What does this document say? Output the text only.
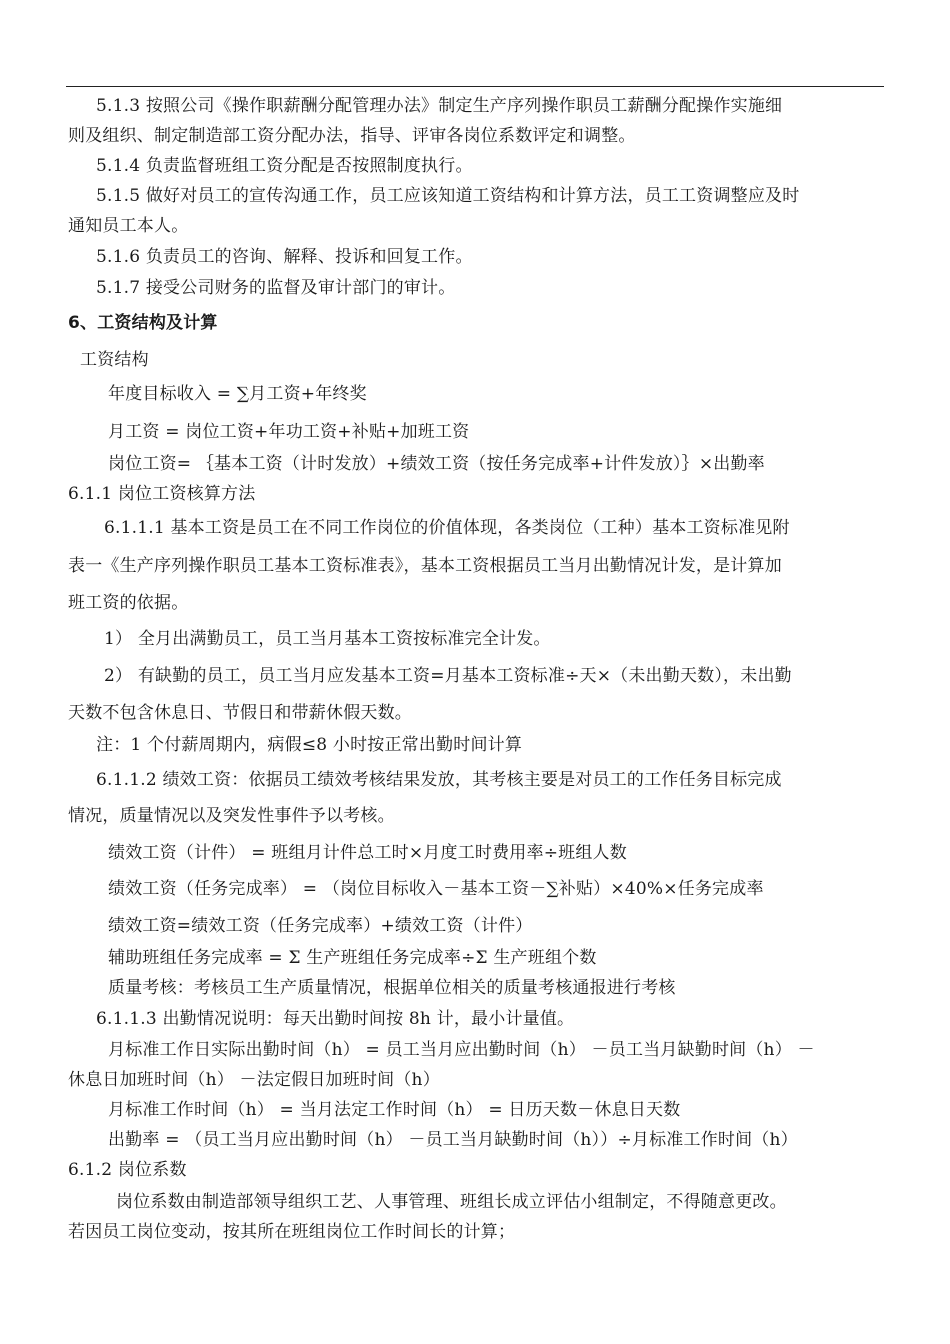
5.1.3 按照公司《操作职薪酬分配管理办法》制定生产序列操作职员工薪酬分配操作实施细
则及组织、制定制造部工资分配办法，指导、评审各岗位系数评定和调整。
5.1.4 负责监督班组工资分配是否按照制度执行。
5.1.5 做好对员工的宣传沟通工作，员工应该知道工资结构和计算方法，员工工资调整应及时
通知员工本人。
5.1.6 负责员工的咨询、解释、投诉和回复工作。
5.1.7 接受公司财务的监督及审计部门的审计。
6、工资结构及计算
工资结构
年度目标收入 = ∑月工资+年终奖
月工资 = 岗位工资+年功工资+补贴+加班工资
岗位工资= ｛基本工资（计时发放）+绩效工资（按任务完成率+计件发放）｝×出勤率
6.1.1 岗位工资核算方法
6.1.1.1 基本工资是员工在不同工作岗位的价值体现，各类岗位（工种）基本工资标准见附
表一《生产序列操作职员工基本工资标准表》，基本工资根据员工当月出勤情况计发，是计算加
班工资的依据。
1） 全月出满勤员工，员工当月基本工资按标准完全计发。
2） 有缺勤的员工，员工当月应发基本工资=月基本工资标准÷天×（未出勤天数），未出勤
天数不包含休息日、节假日和带薪休假天数。
注：1 个付薪周期内，病假≤8 小时按正常出勤时间计算
6.1.1.2 绩效工资：依据员工绩效考核结果发放，其考核主要是对员工的工作任务目标完成
情况，质量情况以及突发性事件予以考核。
绩效工资（计件） = 班组月计件总工时×月度工时费用率÷班组人数
绩效工资（任务完成率） = （岗位目标收入－基本工资－∑补贴）×40%×任务完成率
绩效工资=绩效工资（任务完成率）+绩效工资（计件）
辅助班组任务完成率 = Σ 生产班组任务完成率÷Σ 生产班组个数
质量考核：考核员工生产质量情况，根据单位相关的质量考核通报进行考核
6.1.1.3 出勤情况说明：每天出勤时间按 8h 计，最小计量值。
月标准工作日实际出勤时间（h） = 员工当月应出勤时间（h） －员工当月缺勤时间（h） －
休息日加班时间（h） －法定假日加班时间（h）
月标准工作时间（h） = 当月法定工作时间（h） = 日历天数－休息日天数
出勤率 = （员工当月应出勤时间（h） －员工当月缺勤时间（h））÷月标准工作时间（h）
6.1.2 岗位系数
岗位系数由制造部领导组织工艺、人事管理、班组长成立评估小组制定，不得随意更改。
若因员工岗位变动，按其所在班组岗位工作时间长的计算；
